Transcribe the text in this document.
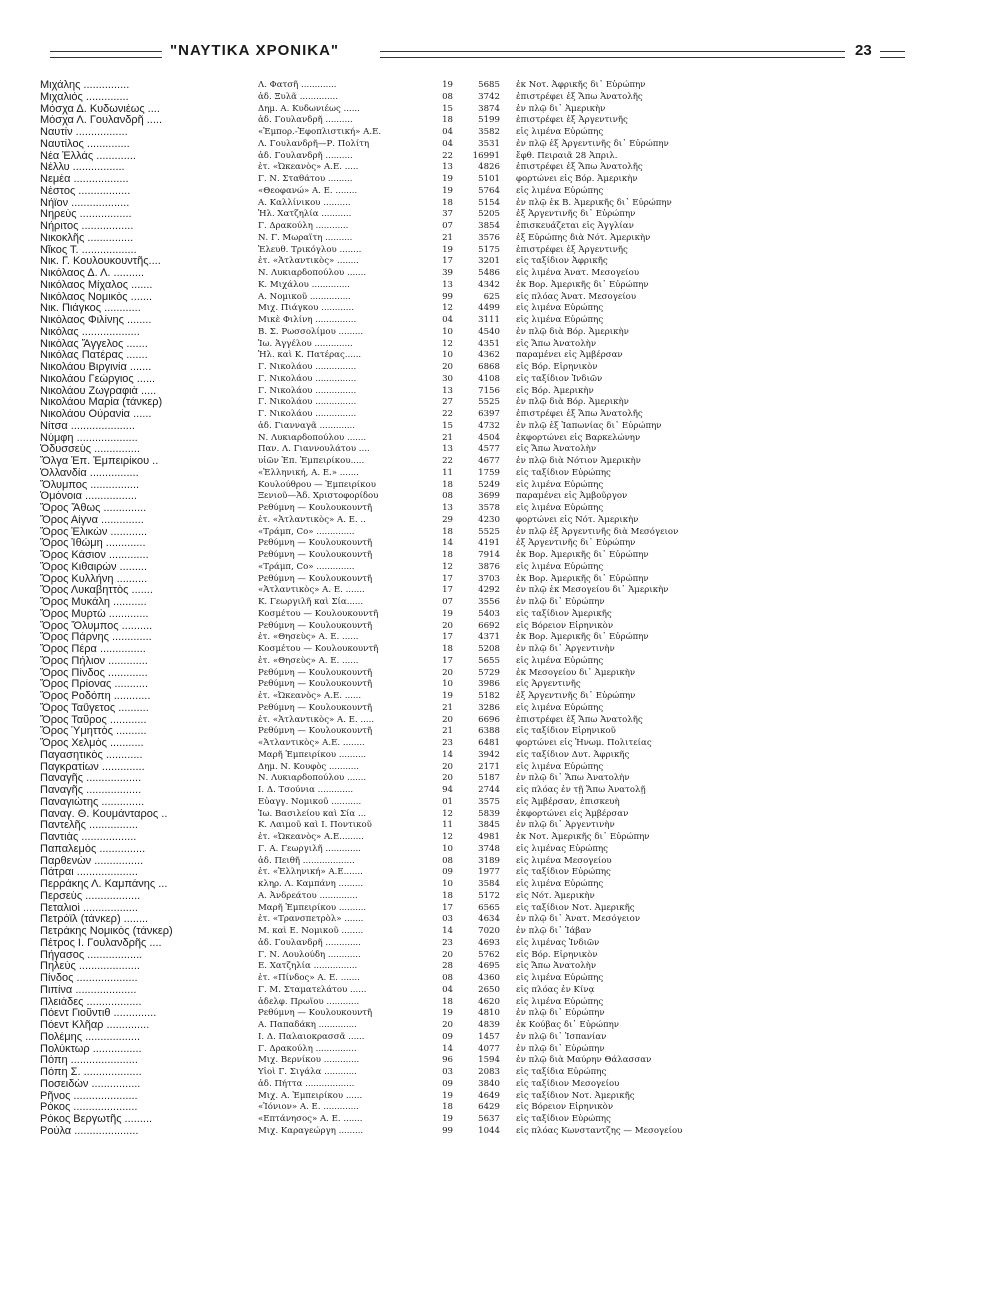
"ΝΑΥΤΙΚΑ ΧΡΟΝΙΚΑ"	23
Μιχάλης ...............	Λ. Φατσῆ .............	19	5685 ἐκ Νοτ. Ἀφρικῆς δι᾿ Εὐρώπην
Μιχαλιός ..............	ἀδ. Ξυλᾶ ..............	08	3742 ἐπιστρέφει ἐξ Ἄπω Ἀνατολῆς
Μόσχα Δ. Κυδωνιέως ....	Δημ. Α. Κυδωνιέως ......	15	3874 ἐν πλῷ δι᾿ Ἀμερικὴν
Μόσχα Λ. Γουλανδρῆ .....	ἀδ. Γουλανδρῆ ..........	18	5199 ἐπιστρέφει ἐξ Ἀργεντινῆς
Ναυτίν .................	«Ἐμπορ.-Ἐφοπλιστική» Α.Ε.	04	3582 εἰς λιμένα Εὐρώπης
Ναυτίλος ..............	Λ. Γουλανδρῆ—Ρ. Πολίτη	04	3531 ἐν πλῷ ἐξ Ἀργεντινῆς δι᾿ Εὐρώπην
Νέα Ἑλλάς .............	ἀδ. Γουλανδρῆ ..........	22	16991 ἔφθ. Πειραιᾶ 28 Ἀπριλ.
Νέλλυ .................	ἑτ. «Ὠκεανὸς» Α.Ε. .....	13	4826 ἐπιστρέφει ἐξ Ἄπω Ἀνατολῆς
Νεμέα ..................	Γ. Ν. Σταθάτου .........	19	5101 φορτώνει εἰς Βόρ. Ἀμερικὴν
Νέστος .................	«Θεοφανώ» Α. Ε. ........	19	5764 εἰς λιμένα Εὐρώπης
Νήϊον ...................	Α. Καλλίνικου ..........	18	5154 ἐν πλῷ ἐκ Β. Ἀμερικῆς δι᾿ Εὐρώπην
Νηρεὺς .................	Ἡλ. Χατζηλία ...........	37	5205 ἐξ Ἀργεντινῆς δι᾿ Εὐρώπην
Νήριτος .................	Γ. Δρακούλη ............	07	3854 ἐπισκευάζεται εἰς Ἀγγλίαν
Νικοκλῆς ...............	Ν. Γ. Μωραΐτη ..........	21	3576 ἐξ Εὐρώπης διὰ Νότ. Ἀμερικὴν
Νῖκος Τ. ..................	Ἐλευθ. Τρικόγλου ........	19	5175 ἐπιστρέφει ἐξ Ἀργεντινῆς
Νικ. Γ. Κουλουκουντῆς....	ἑτ. «Ἀτλαντικὸς» ........	17	3201 εἰς ταξίδιον Ἀφρικῆς
Νικόλαος Δ. Λ. ..........	Ν. Λυκιαρδοπούλου .......	39	5486 εἰς λιμένα Ἀνατ. Μεσογείου
Νικόλαος Μίχαλος .......	Κ. Μιχάλου ..............	13	4342 ἐκ Βορ. Ἀμερικῆς δι᾿ Εὐρώπην
Νικόλαος Νομικὸς .......	Α. Νομικοῦ ...............	99	625 εἰς πλόας Ἀνατ. Μεσογείου
Νικ. Πιάγκος ............	Μιχ. Πιάγκου ............	12	4499 εἰς λιμένα Εὐρώπης
Νικόλαος Φιλίνης ........	Μικὲ Φιλίνη ...............	04	3111 εἰς λιμένα Εὐρώπης
Νικόλας ...................	Β. Σ. Ρωσσολίμου .........	10	4540 ἐν πλῷ διὰ Βόρ. Ἀμερικὴν
Νικόλας Ἄγγελος .......	Ἰω. Ἀγγέλου ..............	12	4351 εἰς Ἄπω Ἀνατολὴν
Νικόλας Πατέρας .......	Ἡλ. καὶ Κ. Πατέρας......	10	4362 παραμένει εἰς Ἀμβέρσαν
Νικολάου Βιργινία .......	Γ. Νικολάου ...............	20	6868 εἰς Βόρ. Εἰρηνικὸν
Νικολάου Γεώργιος ......	Γ. Νικολάου ...............	30	4108 εἰς ταξίδιον Ἰνδιῶν
Νικολάου Ζωγραφιὰ .....	Γ. Νικολάου ...............	13	7156 εἰς Βόρ. Ἀμερικὴν
Νικολάου Μαρία (τάνκερ)	Γ. Νικολάου ...............	27	5525 ἐν πλῷ διὰ Βόρ. Ἀμερικὴν
Νικολάου Οὐρανία ......	Γ. Νικολάου ...............	22	6397 ἐπιστρέφει ἐξ Ἄπω Ἀνατολῆς
Νίτσα .....................	ἀδ. Γιανναγᾶ .............	15	4732 ἐν πλῷ ἐξ Ἰαπωνίας δι᾿ Εὐρώπην
Νύμφη ....................	Ν. Λυκιαρδοπούλου .......	21	4504 ἐκφορτώνει εἰς Βαρκελώνην
Ὀδυσσεὺς ...............	Παν. Λ. Γιαννουλάτου ....	13	4577 εἰς Ἄπω Ἀνατολὴν
Ὄλγα Ἐπ. Ἐμπειρίκου ..	υἱῶν Ἐπ. Ἐμπειρίκου.....	22	4677 ἐν πλῷ διὰ Νότιον Ἀμερικὴν
Ὀλλανδία ................	«Ἑλληνική, Α. Ε.» .......	11	1759 εἰς ταξίδιον Εὐρώπης
Ὄλυμπος ................	Κουλούθρου — Ἐμπειρίκου	18	5249 εἰς λιμένα Εὐρώπης
Ὁμόνοια .................	Ξενιοῦ—Ἀδ. Χριστοφορίδου	08	3699 παραμένει εἰς Ἀμβοῦργον
Ὄρος Ἄθως ..............	Ρεθύμνη — Κουλουκουντῆ	13	3578 εἰς λιμένα Εὐρώπης
Ὄρος Αἶγνα ..............	ἑτ. «Ἀτλαντικὸς» Α. Ε. ..	29	4230 φορτώνει εἰς Νότ. Ἀμερικὴν
Ὄρος Ἑλικὼν ............	«Τράμπ, Co» ..............	18	5525 ἐν πλῷ ἐξ Ἀργεντινῆς διὰ Μεσόγειον
Ὄρος Ἰθώμη .............	Ρεθύμνη — Κουλουκουντῆ	14	4191 ἐξ Ἀργεντινῆς δι᾿ Εὐρώπην
Ὄρος Κάσιον .............	Ρεθύμνη — Κουλουκουντῆ	18	7914 ἐκ Βορ. Ἀμερικῆς δι᾿ Εὐρώπην
Ὄρος Κιθαιρὼν .........	«Τράμπ, Co» ..............	12	3876 εἰς λιμένα Εὐρώπης
Ὄρος Κυλλήνη ..........	Ρεθύμνη — Κουλουκουντῆ	17	3703 ἐκ Βορ. Ἀμερικῆς δι᾿ Εὐρώπην
Ὄρος Λυκαβηττὸς .......	«Ἀτλαντικὸς» Α. Ε. .......	17	4292 ἐν πλῷ ἐκ Μεσογείου δι᾿ Ἀμερικὴν
Ὄρος Μυκάλη ...........	Κ. Γεωργιλῆ καὶ Σία......	07	3556 ἐν πλῷ δι᾿ Εὐρώπην
Ὄρος Μυρτὼ .............	Κοσμέτου — Κουλουκουντῆ	19	5403 εἰς ταξίδιον Ἀμερικῆς
Ὄρος Ὄλυμπος ..........	Ρεθύμνη — Κουλουκουντῆ	20	6692 εἰς Βόρειον Εἰρηνικὸν
Ὄρος Πάρνης .............	ἑτ. «Θησεὺς» Α. Ε. ......	17	4371 ἐκ Βορ. Ἀμερικῆς δι᾿ Εὐρώπην
Ὄρος Πέρα ...............	Κοσμέτου — Κουλουκουντῆ	18	5208 ἐν πλῷ δι᾿ Ἀργεντινὴν
Ὄρος Πήλιον .............	ἑτ. «Θησεὺς» Α. Ε. ......	17	5655 εἰς λιμένα Εὐρώπης
Ὄρος Πίνδος .............	Ρεθύμνη — Κουλουκουντῆ	20	5729 ἐκ Μεσογείου δι᾿ Ἀμερικὴν
Ὄρος Πρίονας ...........	Ρεθύμνη — Κουλουκουντῆ	10	3986 εἰς Ἀργεντινῆς
Ὄρος Ροδόπη ............	ἑτ. «Ὠκεανὸς» Α.Ε. ......	19	5182 ἐξ Ἀργεντινῆς δι᾿ Εὐρώπην
Ὄρος Ταΰγετος ..........	Ρεθύμνη — Κουλουκουντῆ	21	3286 εἰς λιμένα Εὐρώπης
Ὄρος Ταῦρος ............	ἑτ. «Ἀτλαντικὸς» Α. Ε. .....	20	6696 ἐπιστρέφει ἐξ Ἄπω Ἀνατολῆς
Ὄρος Ὑμηττὸς ..........	Ρεθύμνη — Κουλουκουντῆ	21	6388 εἰς ταξίδιον Εἰρηνικοῦ
Ὄρος Χελμὸς ...........	«Ἀτλαντικὸς» Α.Ε. ........	23	6481 φορτώνει εἰς Ἡνωμ. Πολιτείας
Παγασητικὸς ............	Μαρῆ Ἐμπειρίκου ..........	14	3942 εἰς ταξίδιον Δυτ. Ἀφρικῆς
Παγκρατίων ..............	Δημ. Ν. Κουφὸς ...........	20	2171 εἰς λιμένα Εὐρώπης
Παναγῆς ..................	Ν. Λυκιαρδοπούλου .......	20	5187 ἐν πλῷ δι᾿ Ἄπω Ἀνατολὴν
Παναγῆς ..................	Ι. Δ. Τσούνια .............	94	2744 εἰς πλόας ἐν τῇ Ἄπω Ἀνατολῇ
Παναγιώτης ..............	Εὐαγγ. Νομικοῦ ...........	01	3575 εἰς Ἀμβέρσαν, ἐπισκευὴ
Παναγ. Θ. Κουμάνταρος ..	Ἰω. Βασιλείου καὶ Σία ...	12	5839 ἐκφορτώνει εἰς Ἀμβέρσαν
Παντελῆς ................	Κ. Λαιμοῦ καὶ Ι. Ποντικοῦ	11	3845 ἐν πλῷ δι᾿ Ἀργεντινὴν
Παντιὰς ..................	ἑτ. «Ὠκεανὸς» Α.Ε.........	12	4981 ἐκ Νοτ. Ἀμερικῆς δι᾿ Εὐρώπην
Παπαλεμὸς ...............	Γ. Α. Γεωργιλῆ .............	10	3748 εἰς λιμένας Εὐρώπης
Παρθενὼν ................	ἀδ. Πειθῆ ...................	08	3189 εἰς λιμένα Μεσογείου
Πάτραι ....................	ἑτ. «Ἑλληνική» Α.Ε.......	09	1977 εἰς ταξίδιον Εὐρώπης
Περράκης Λ. Καμπάνης ...	κληρ. Λ. Καμπάνη .........	10	3584 εἰς λιμένα Εὐρώπης
Περσεὺς ..................	Α. Ἀνδρεάτου ..............	18	5172 εἰς Νότ. Ἀμερικὴν
Πεταλιοὶ ..................	Μαρῆ Ἐμπειρίκου ..........	17	6565 εἰς ταξίδιον Νοτ. Ἀμερικῆς
Πετρὸϊλ (τάνκερ) ........	ἑτ. «Τρανσπετρὸλ» .......	03	4634 ἐν πλῷ δι᾿ Ἀνατ. Μεσόγειον
Πετράκης Νομικὸς (τάνκερ)	Μ. καὶ Ε. Νομικοῦ ........	14	7020 ἐν πλῷ δι᾿ Ἰάβαν
Πέτρος Ι. Γουλανδρῆς ....	ἀδ. Γουλανδρῆ .............	23	4693 εἰς λιμένας Ἰνδιῶν
Πήγασος ..................	Γ. Ν. Λουλούδη ............	20	5762 εἰς Βόρ. Εἰρηνικὸν
Πηλεὺς ....................	Ε. Χατζηλία ................	28	4695 εἰς Ἄπω Ἀνατολὴν
Πίνδος ....................	ἑτ. «Πίνδος» Α. Ε. .......	08	4360 εἰς λιμένα Εὐρώπης
Πιπίνα ....................	Γ. Μ. Σταματελάτου ......	04	2650 εἰς πλόας ἐν Κίνᾳ
Πλειάδες ..................	ἀδελφ. Πρωΐου ............	18	4620 εἰς λιμένα Εὐρώπης
Πόεντ Γιοῦντιθ ..............	Ρεθύμνη — Κουλουκουντῆ	19	4810 ἐν πλῷ δι᾿ Εὐρώπην
Πόεντ Κλῆαρ ..............	Α. Παπαδάκη ..............	20	4839 ἐκ Κούβας δι᾿ Εὐρώπην
Πολέμης ..................	Ι. Δ. Παλαιοκρασσᾶ ......	09	1457 ἐν πλῷ δι᾿ Ἰσπανίαν
Πολύκτωρ ................	Γ. Δρακούλη ...............	14	4077 ἐν πλῷ δι᾿ Εὐρώπην
Πόπη ......................	Μιχ. Βερνίκου .............	96	1594 ἐν πλῷ διὰ Μαύρην Θάλασσαν
Πόπη Σ. ...................	Υἱοὶ Γ. Σιγάλα ............	03	2083 εἰς ταξίδια Εὐρώπης
Ποσειδὼν ................	ἀδ. Πήττα ..................	09	3840 εἰς ταξίδιον Μεσογείου
Ρῆνος .....................	Μιχ. Α. Ἐμπειρίκου ......	19	4649 εἰς ταξίδιον Νοτ. Ἀμερικῆς
Ρόκος .....................	«Ἰόνιον» Α. Ε. .............	18	6429 εἰς Βόρειον Εἰρηνικὸν
Ρόκος Βεργωτῆς .........	«Επτάνησος» Α. Ε. .......	19	5637 εἰς ταξίδιον Εὐρώπης
Ρούλα .....................	Μιχ. Καραγεώργη .........	99	1044 εἰς πλόας Κωνσταντζης — Μεσογείου
